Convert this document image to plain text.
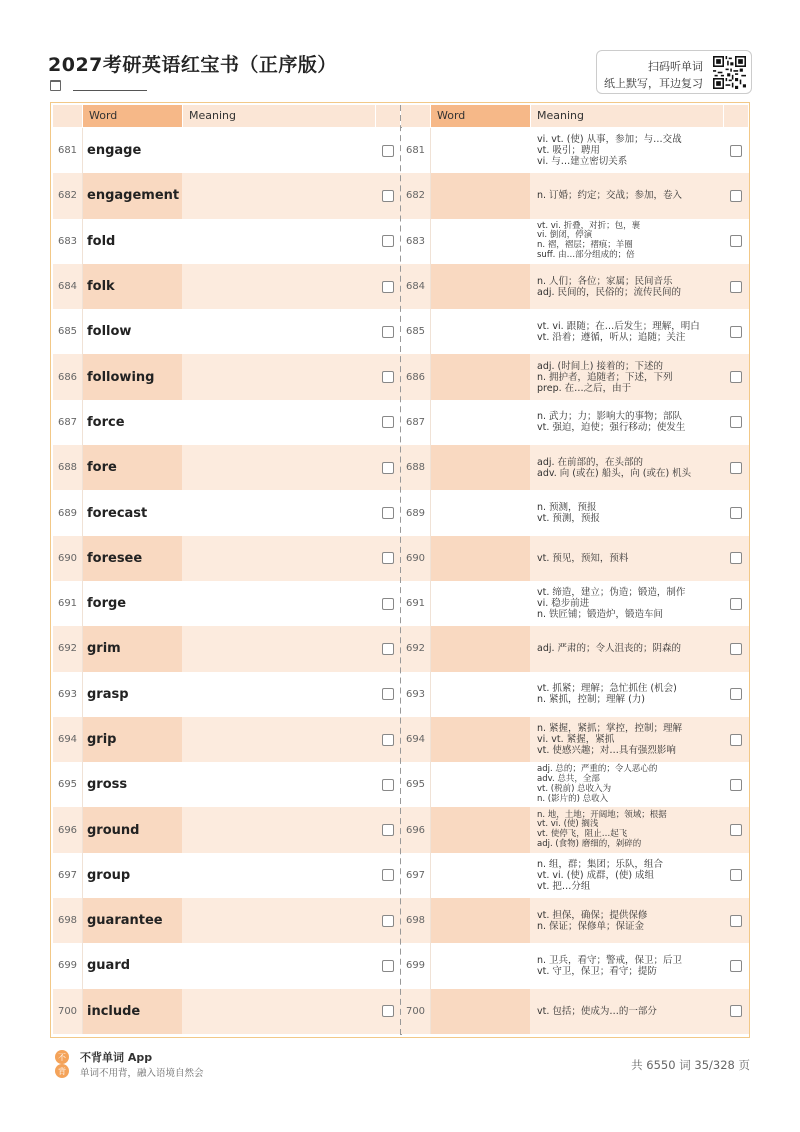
2027考研英语红宝书（正序版）	扫码听单词
纸上默写，耳边复习
Word	Meaning
681 engage
682 engagement
683 fold
684 folk
685 follow
686 following
687 force
688 fore
689 forecast
690 foresee
691 forge
692 grim
693 grasp
694 grip
695 gross
696 ground
697 group
698 guarantee
699 guard
700 include
Word	Meaning
681
vi. vt. (使) 从事，参加；与…交战
vt. 吸引；聘用
vi. 与…建立密切关系
682	n. 订婚；约定；交战；参加，卷入
683
vt. vi. 折叠，对折；包，裹
vi. 倒闭，停演
n. 褶，褶层；褶痕；羊圈
suff. 由…部分组成的；倍
684	n. 人们；各位；家属；民间音乐
adj. 民间的，民俗的；流传民间的
685	vt. vi. 跟随；在…后发生；理解，明白
vt. 沿着；遵循，听从；追随；关注
686
adj. (时间上) 接着的；下述的
n. 拥护者，追随者；下述，下列
prep. 在…之后，由于
687	n. 武力；力；影响大的事物；部队
vt. 强迫，迫使；强行移动；使发生
688	adj. 在前部的，在头部的
adv. 向 (或在) 船头，向 (或在) 机头
689	n. 预测，预报
vt. 预测，预报
690	vt. 预见，预知，预料
691
vt. 缔造，建立；伪造；锻造，制作
vi. 稳步前进
n. 铁匠铺；锻造炉，锻造车间
692	adj. 严肃的；令人沮丧的；阴森的
693	vt. 抓紧；理解；急忙抓住 (机会)
n. 紧抓，控制；理解 (力)
694
n. 紧握，紧抓；掌控，控制；理解
vi. vt. 紧握，紧抓
vt. 使感兴趣；对…具有强烈影响
695
adj. 总的；严重的；令人恶心的
adv. 总共，全部
vt. (税前) 总收入为
n. (影片的) 总收入
696
n. 地，土地；开阔地；领域；根据
vt. vi. (使) 搁浅
vt. 使停飞，阻止…起飞
adj. (食物) 磨细的，剁碎的
697
n. 组，群；集团；乐队，组合
vt. vi. (使) 成群，(使) 成组
vt. 把…分组
698	vt. 担保，确保；提供保修
n. 保证；保修单；保证金
699	n. 卫兵，看守；警戒，保卫；后卫
vt. 守卫，保卫；看守；提防
700	vt. 包括；使成为…的一部分
不
背
不背单词 App
单词不用背，融入语境自然会
共 6550 词 35/328 页
